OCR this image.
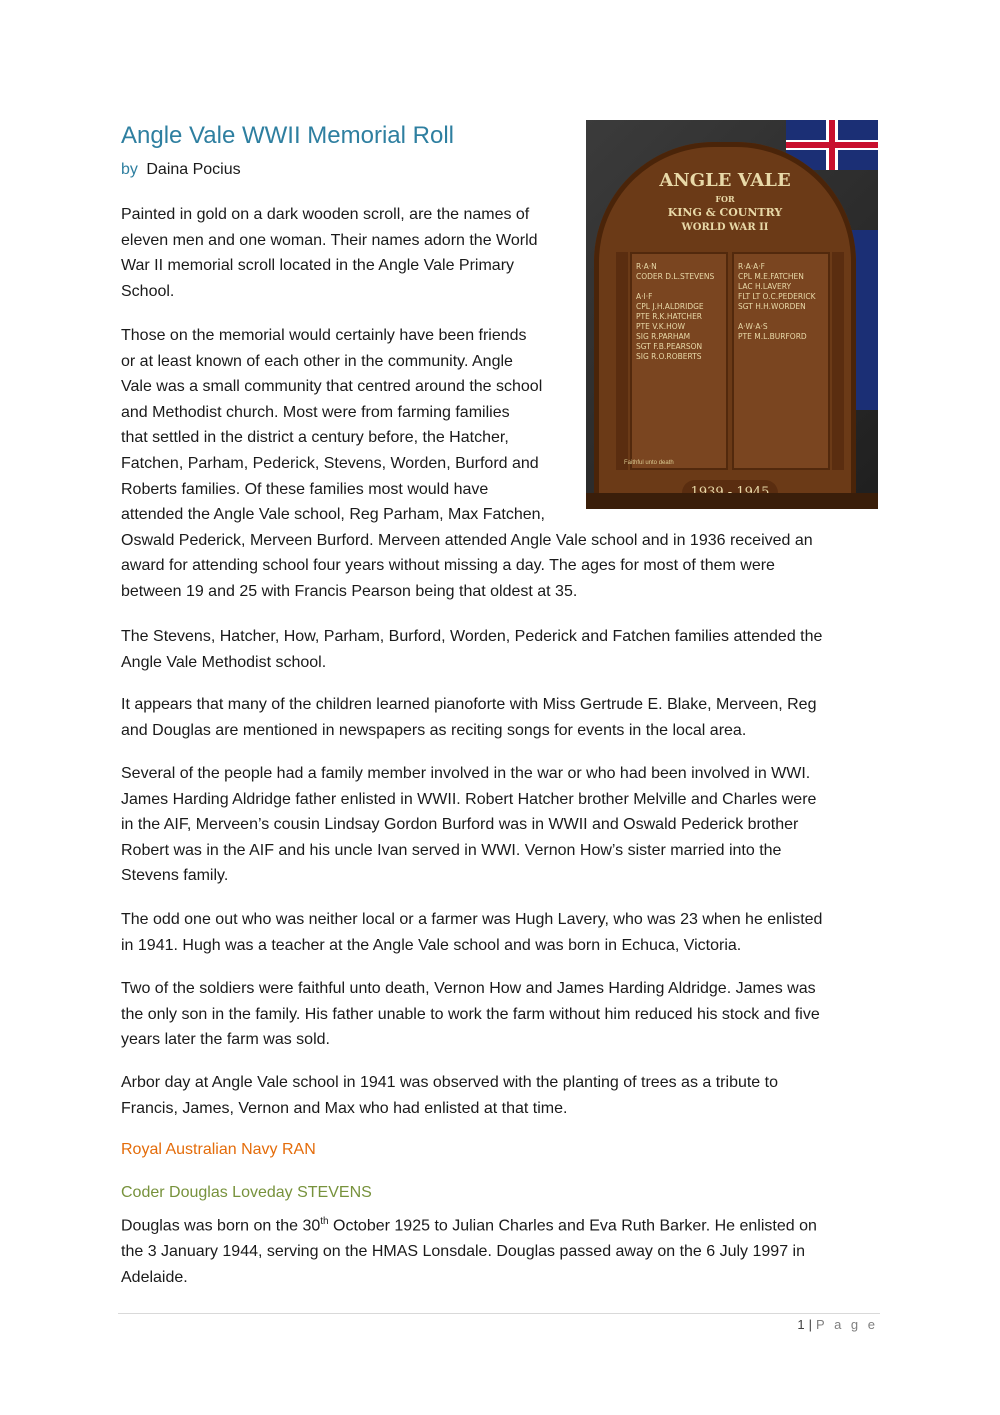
Angle Vale WWII Memorial Roll
by Daina Pocius
ANGLE VALE
FOR
KING & COUNTRY
WORLD WAR II
R·A·N
CODER D.L.STEVENS

A·I·F
CPL J.H.ALDRIDGE
PTE R.K.HATCHER
PTE V.K.HOW
SIG R.PARHAM
SGT F.B.PEARSON
SIG R.O.ROBERTS
R·A·A·F
CPL M.E.FATCHEN
LAC H.LAVERY
FLT LT O.C.PEDERICK
SGT H.H.WORDEN

A·W·A·S
PTE M.L.BURFORD
Faithful unto death
Painted in gold on a dark wooden scroll, are the names of
eleven men and one woman. Their names adorn the World
War II memorial scroll located in the Angle Vale Primary
School.
Those on the memorial would certainly have been friends
or at least known of each other in the community. Angle
Vale was a small community that centred around the school
and Methodist church. Most were from farming families
that settled in the district a century before, the Hatcher,
Fatchen, Parham, Pederick, Stevens, Worden, Burford and
Roberts families. Of these families most would have
attended the Angle Vale school, Reg Parham, Max Fatchen,
Oswald Pederick, Merveen Burford. Merveen attended Angle Vale school and in 1936 received an
award for attending school four years without missing a day. The ages for most of them were
between 19 and 25 with Francis Pearson being that oldest at 35.
The Stevens, Hatcher, How, Parham, Burford, Worden, Pederick and Fatchen families attended the
Angle Vale Methodist school.
It appears that many of the children learned pianoforte with Miss Gertrude E. Blake, Merveen, Reg
and Douglas are mentioned in newspapers as reciting songs for events in the local area.
Several of the people had a family member involved in the war or who had been involved in WWI.
James Harding Aldridge father enlisted in WWII. Robert Hatcher brother Melville and Charles were
in the AIF, Merveen’s cousin Lindsay Gordon Burford was in WWII and Oswald Pederick brother
Robert was in the AIF and his uncle Ivan served in WWI. Vernon How’s sister married into the
Stevens family.
The odd one out who was neither local or a farmer was Hugh Lavery, who was 23 when he enlisted
in 1941. Hugh was a teacher at the Angle Vale school and was born in Echuca, Victoria.
Two of the soldiers were faithful unto death, Vernon How and James Harding Aldridge. James was
the only son in the family. His father unable to work the farm without him reduced his stock and five
years later the farm was sold.
Arbor day at Angle Vale school in 1941 was observed with the planting of trees as a tribute to
Francis, James, Vernon and Max who had enlisted at that time.
Royal Australian Navy RAN
Coder Douglas Loveday STEVENS
Douglas was born on the 30th October 1925 to Julian Charles and Eva Ruth Barker. He enlisted on
the 3 January 1944, serving on the HMAS Lonsdale. Douglas passed away on the 6 July 1997 in
Adelaide.
1 | P a g e
